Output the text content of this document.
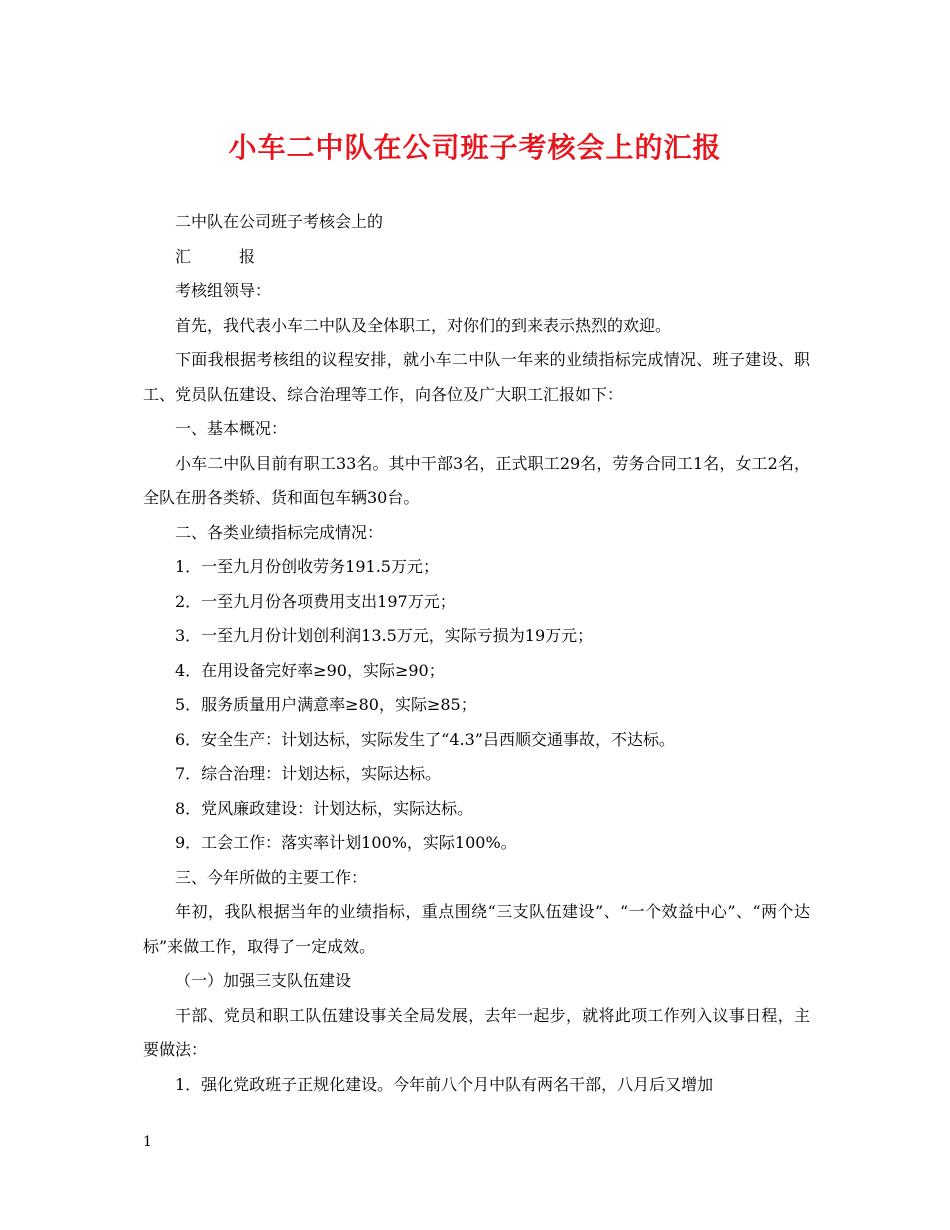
小车二中队在公司班子考核会上的汇报

二中队在公司班子考核会上的

汇　　　报

考核组领导：

首先，我代表小车二中队及全体职工，对你们的到来表示热烈的欢迎。

下面我根据考核组的议程安排，就小车二中队一年来的业绩指标完成情况、班子建设、职工、党员队伍建设、综合治理等工作，向各位及广大职工汇报如下：

一、基本概况：

小车二中队目前有职工33名。其中干部3名，正式职工29名，劳务合同工1名，女工2名，全队在册各类轿、货和面包车辆30台。

二、各类业绩指标完成情况：

1．一至九月份创收劳务191.5万元；

2．一至九月份各项费用支出197万元；

3．一至九月份计划创利润13.5万元，实际亏损为19万元；

4．在用设备完好率≥90，实际≥90；

5．服务质量用户满意率≥80，实际≥85；

6．安全生产：计划达标，实际发生了“4.3”吕西顺交通事故，不达标。

7．综合治理：计划达标，实际达标。

8．党风廉政建设：计划达标，实际达标。

9．工会工作：落实率计划100%，实际100%。

三、今年所做的主要工作：

年初，我队根据当年的业绩指标，重点围绕“三支队伍建设”、“一个效益中心”、“两个达标”来做工作，取得了一定成效。

（一）加强三支队伍建设

干部、党员和职工队伍建设事关全局发展，去年一起步，就将此项工作列入议事日程，主要做法：

1．强化党政班子正规化建设。今年前八个月中队有两名干部，八月后又增加

1
